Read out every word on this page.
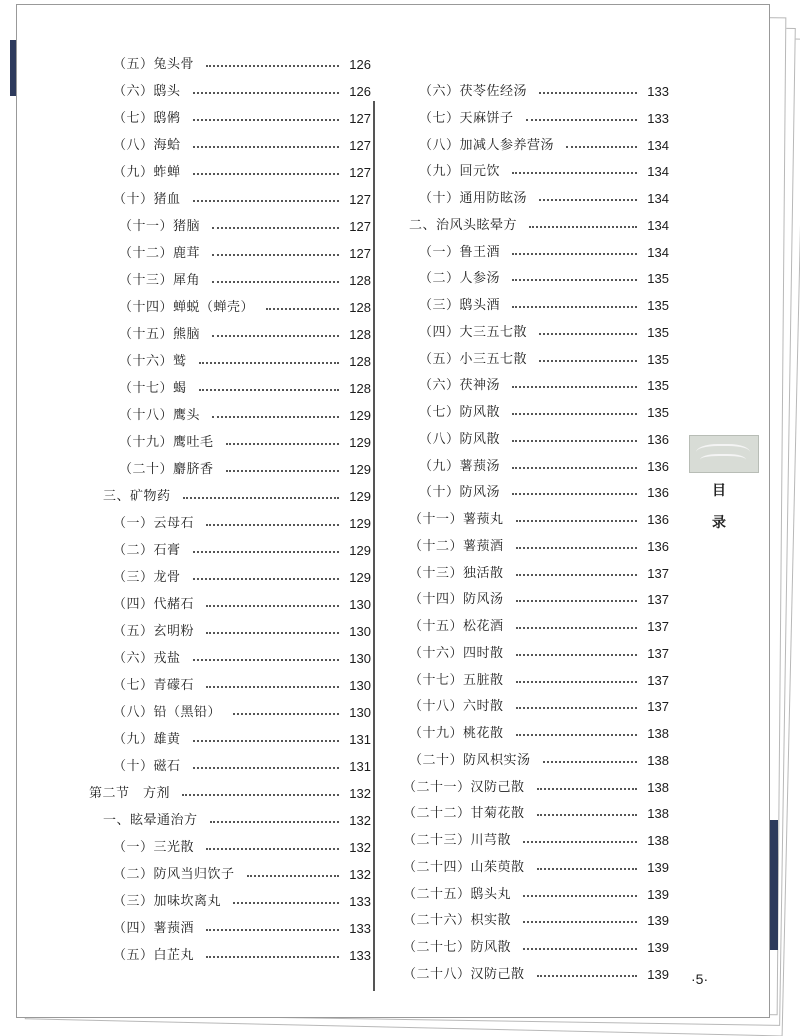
（五）兔头骨	126
（六）鸱头	126
（七）鸱鸺	127
（八）海蛤	127
（九）蚱蝉	127
（十）猪血	127
（十一）猪脑	127
（十二）鹿茸	127
（十三）犀角	128
（十四）蝉蜕（蝉壳）	128
（十五）熊脑	128
（十六）鹫	128
（十七）蝎	128
（十八）鹰头	129
（十九）鹰吐毛	129
（二十）麝脐香	129
三、矿物药	129
（一）云母石	129
（二）石膏	129
（三）龙骨	129
（四）代赭石	130
（五）玄明粉	130
（六）戎盐	130
（七）青礞石	130
（八）铅（黑铅）	130
（九）雄黄	131
（十）磁石	131
第二节　方剂	132
一、眩晕通治方	132
（一）三光散	132
（二）防风当归饮子	132
（三）加味坎离丸	133
（四）薯蓣酒	133
（五）白芷丸	133
（六）茯苓佐经汤	133
（七）天麻饼子	133
（八）加减人参养营汤	134
（九）回元饮	134
（十）通用防眩汤	134
二、治风头眩晕方	134
（一）鲁王酒	134
（二）人参汤	135
（三）鸱头酒	135
（四）大三五七散	135
（五）小三五七散	135
（六）茯神汤	135
（七）防风散	135
（八）防风散	136
（九）薯蓣汤	136
（十）防风汤	136
（十一）薯蓣丸	136
（十二）薯蓣酒	136
（十三）独活散	137
（十四）防风汤	137
（十五）松花酒	137
（十六）四时散	137
（十七）五脏散	137
（十八）六时散	137
（十九）桃花散	138
（二十）防风枳实汤	138
（二十一）汉防己散	138
（二十二）甘菊花散	138
（二十三）川芎散	138
（二十四）山茱萸散	139
（二十五）鸱头丸	139
（二十六）枳实散	139
（二十七）防风散	139
（二十八）汉防己散	139
目
录
·5·
